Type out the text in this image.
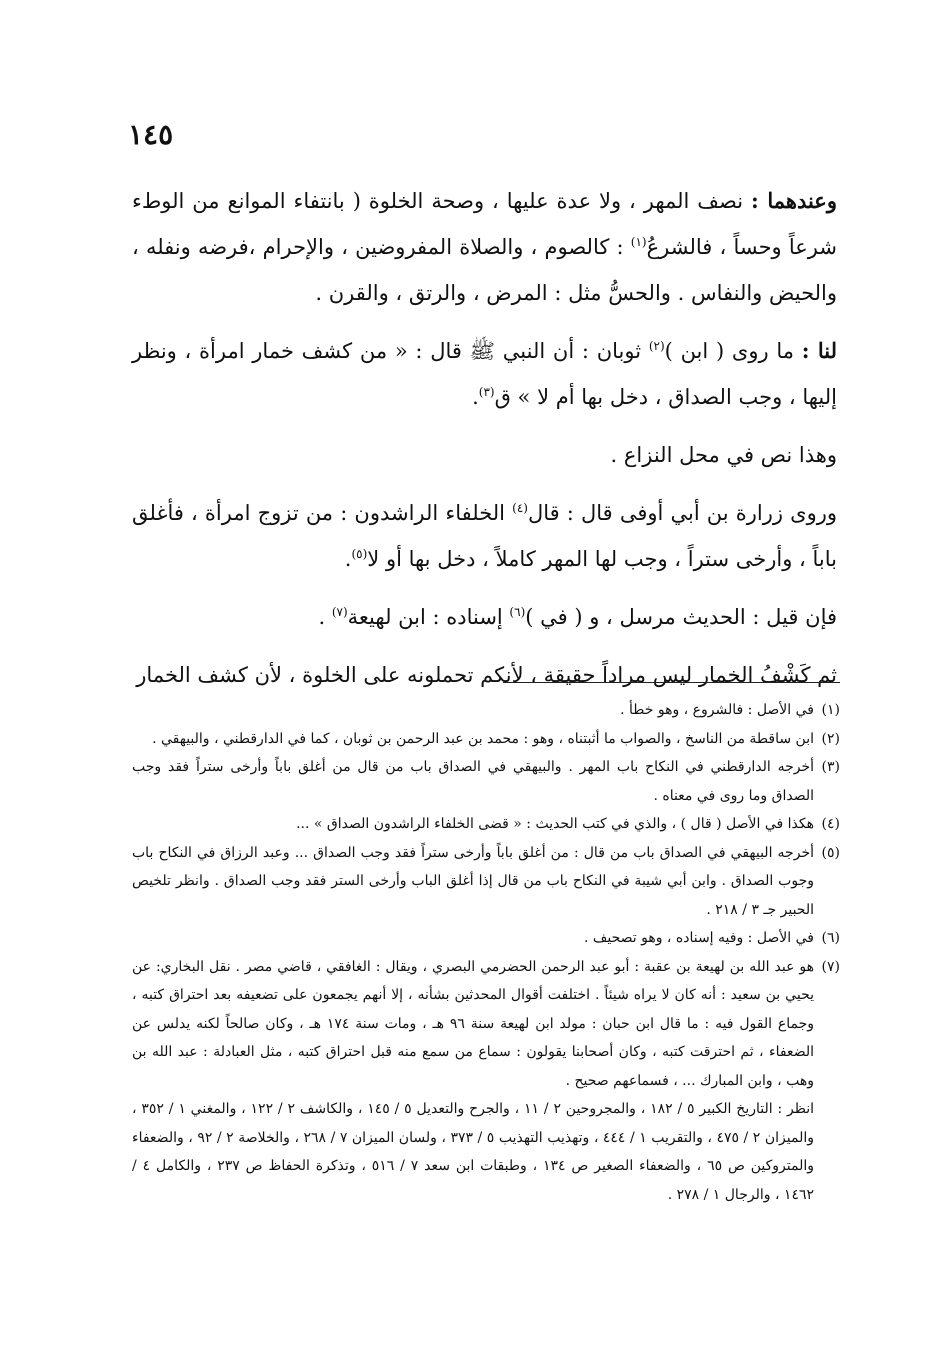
١٤٥

وعندهما : نصف المهر ، ولا عدة عليها ، وصحة الخلوة ( بانتفاء الموانع من الوطء شرعاً وحساً ، فالشرعُ$^{(١)}$ : كالصوم ، والصلاة المفروضين ، والإحرام ،فرضه ونفله ، والحيض والنفاس . والحسُّ مثل : المرض ، والرتق ، والقرن .

لنا : ما روى ( ابن )$^{(٢)}$ ثوبان : أن النبي ﷺ قال : « من كشف خمار امرأة ، ونظر إليها ، وجب الصداق ، دخل بها أم لا » ق$^{(٣)}$.

وهذا نص في محل النزاع .

وروى زرارة بن أبي أوفى قال : قال$^{(٤)}$ الخلفاء الراشدون : من تزوج امرأة ، فأغلق باباً ، وأرخى ستراً ، وجب لها المهر كاملاً ، دخل بها أو لا$^{(٥)}$.

فإن قيل : الحديث مرسل ، و ( في )$^{(٦)}$ إسناده : ابن لهيعة$^{(٧)}$ .

ثم كَشْفُ الخمار ليس مراداً حقيقة ، لأنكم تحملونه على الخلوة ، لأن كشف الخمار

(١)
في الأصل : فالشروع ، وهو خطأ .

(٢)
ابن ساقطة من الناسخ ، والصواب ما أثبتناه ، وهو : محمد بن عبد الرحمن بن ثوبان ، كما في الدارقطني ، والبيهقي .

(٣)
أخرجه الدارقطني في النكاح باب المهر . والبيهقي في الصداق باب من قال من أغلق باباً وأرخى ستراً فقد وجب الصداق وما روى في معناه .

(٤)
هكذا في الأصل ( قال ) ، والذي في كتب الحديث : « قضى الخلفاء الراشدون الصداق » ...

(٥)
أخرجه البيهقي في الصداق باب من قال : من أغلق باباً وأرخى ستراً فقد وجب الصداق ... وعبد الرزاق في النكاح باب وجوب الصداق . وابن أبي شيبة في النكاح باب من قال إذا أغلق الباب وأرخى الستر فقد وجب الصداق . وانظر تلخيص الحبير جـ ٣ / ٢١٨ .

(٦)
في الأصل : وفيه إسناده ، وهو تصحيف .

(٧)
هو عبد الله بن لهيعة بن عقبة : أبو عبد الرحمن الحضرمي البصري ، ويقال : الغافقي ، قاضي مصر . نقل البخاري: عن يحيي بن سعيد : أنه كان لا يراه شيئاً . اختلفت أقوال المحدثين بشأنه ، إلا أنهم يجمعون على تضعيفه بعد احتراق كتبه ، وجماع القول فيه : ما قال ابن حبان : مولد ابن لهيعة سنة ٩٦ هـ ، ومات سنة ١٧٤ هـ ، وكان صالحاً لكنه يدلس عن الضعفاء ، ثم احترقت كتبه ، وكان أصحابنا يقولون : سماع من سمع منه قبل احتراق كتبه ، مثل العبادلة : عبد الله بن وهب ، وابن المبارك ... ، فسماعهم صحيح .

انظر : التاريخ الكبير ٥ / ١٨٢ ، والمجروحين ٢ / ١١ ، والجرح والتعديل ٥ / ١٤٥ ، والكاشف ٢ / ١٢٢ ، والمغني ١ / ٣٥٢ ، والميزان ٢ / ٤٧٥ ، والتقريب ١ / ٤٤٤ ، وتهذيب التهذيب ٥ / ٣٧٣ ، ولسان الميزان ٧ / ٢٦٨ ، والخلاصة ٢ / ٩٢ ، والضعفاء والمتروكين ص ٦٥ ، والضعفاء الصغير ص ١٣٤ ، وطبقات ابن سعد ٧ / ٥١٦ ، وتذكرة الحفاظ ص ٢٣٧ ، والكامل ٤ / ١٤٦٢ ، والرجال ١ / ٢٧٨ .
